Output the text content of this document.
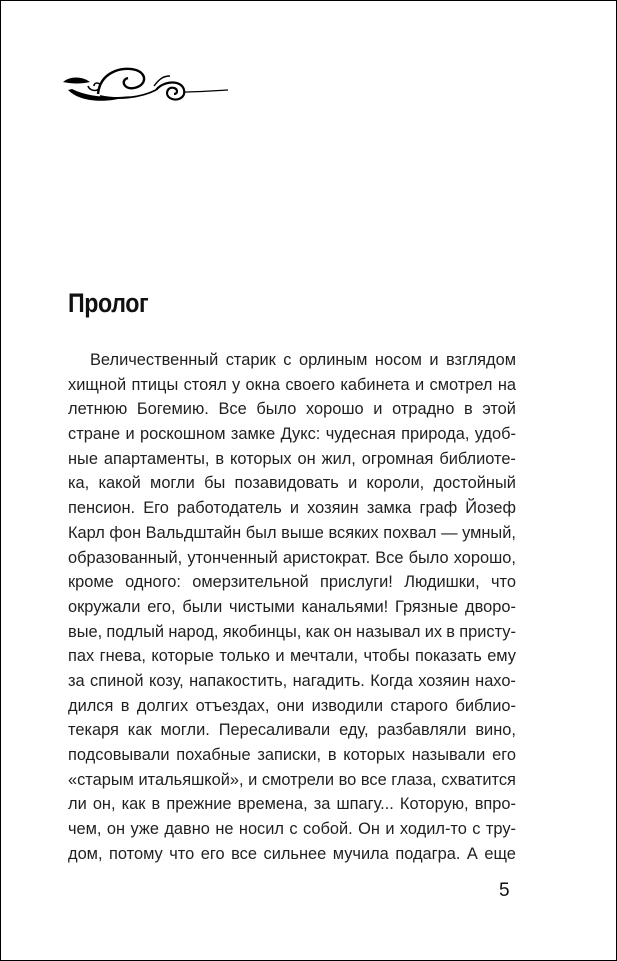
Пролог
Величественный старик с орлиным носом и взглядом
хищной птицы стоял у окна своего кабинета и смотрел на
летнюю Богемию. Все было хорошо и отрадно в этой
стране и роскошном замке Дукс: чудесная природа, удоб-
ные апартаменты, в которых он жил, огромная библиоте-
ка, какой могли бы позавидовать и короли, достойный
пенсион. Его работодатель и хозяин замка граф Йозеф
Карл фон Вальдштайн был выше всяких похвал — умный,
образованный, утонченный аристократ. Все было хорошо,
кроме одного: омерзительной прислуги! Людишки, что
окружали его, были чистыми канальями! Грязные дворо-
вые, подлый народ, якобинцы, как он называл их в присту-
пах гнева, которые только и мечтали, чтобы показать ему
за спиной козу, напакостить, нагадить. Когда хозяин нахо-
дился в долгих отъездах, они изводили старого библио-
текаря как могли. Пересаливали еду, разбавляли вино,
подсовывали похабные записки, в которых называли его
«старым итальяшкой», и смотрели во все глаза, схватится
ли он, как в прежние времена, за шпагу... Которую, впро-
чем, он уже давно не носил с собой. Он и ходил-то с тру-
дом, потому что его все сильнее мучила подагра. А еще
5
